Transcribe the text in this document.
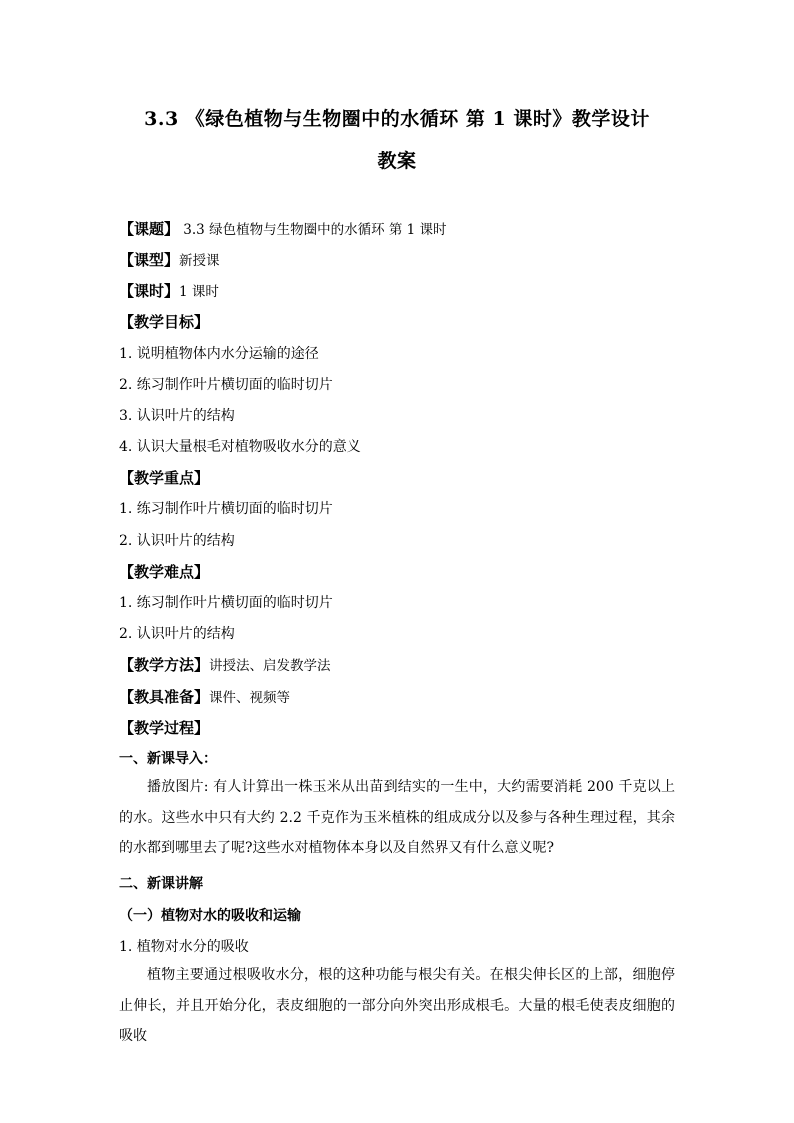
3.3 《绿色植物与生物圈中的水循环 第 1 课时》教学设计
教案
【课题】 3.3 绿色植物与生物圈中的水循环 第 1 课时
【课型】新授课
【课时】1 课时
【教学目标】
1. 说明植物体内水分运输的途径
2. 练习制作叶片横切面的临时切片
3. 认识叶片的结构
4. 认识大量根毛对植物吸收水分的意义
【教学重点】
1. 练习制作叶片横切面的临时切片
2. 认识叶片的结构
【教学难点】
1. 练习制作叶片横切面的临时切片
2. 认识叶片的结构
【教学方法】讲授法、启发教学法
【教具准备】课件、视频等
【教学过程】
一、新课导入：
播放图片: 有人计算出一株玉米从出苗到结实的一生中，大约需要消耗 200 千克以上的水。这些水中只有大约 2.2 千克作为玉米植株的组成成分以及参与各种生理过程，其余的水都到哪里去了呢?这些水对植物体本身以及自然界又有什么意义呢?
二、新课讲解
（一）植物对水的吸收和运输
1. 植物对水分的吸收
植物主要通过根吸收水分，根的这种功能与根尖有关。在根尖伸长区的上部，细胞停止伸长，并且开始分化，表皮细胞的一部分向外突出形成根毛。大量的根毛使表皮细胞的吸收
